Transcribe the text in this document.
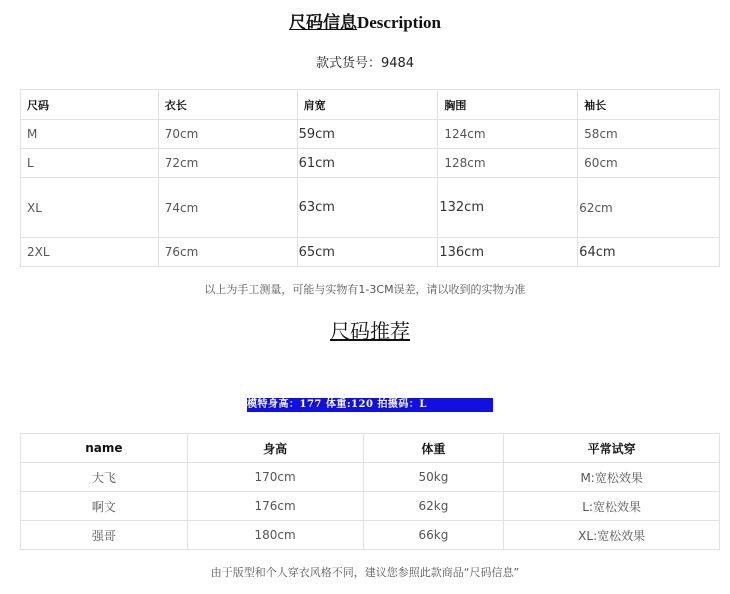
尺码信息Description
款式货号：9484
尺码	衣长	肩宽	胸围	袖长
M	70cm	59cm	124cm	58cm
L	72cm	61cm	128cm	60cm
XL	74cm	63cm	132cm	62cm
2XL	76cm	65cm	136cm	64cm
以上为手工测量，可能与实物有1-3CM误差，请以收到的实物为准
尺码推荐
模特身高：177 体重:120 拍摄码：L
name	身高	体重	平常试穿
大飞	170cm	50kg	M:宽松效果
啊文	176cm	62kg	L:宽松效果
强哥	180cm	66kg	XL:宽松效果
由于版型和个人穿衣风格不同，建议您参照此款商品“尺码信息”
